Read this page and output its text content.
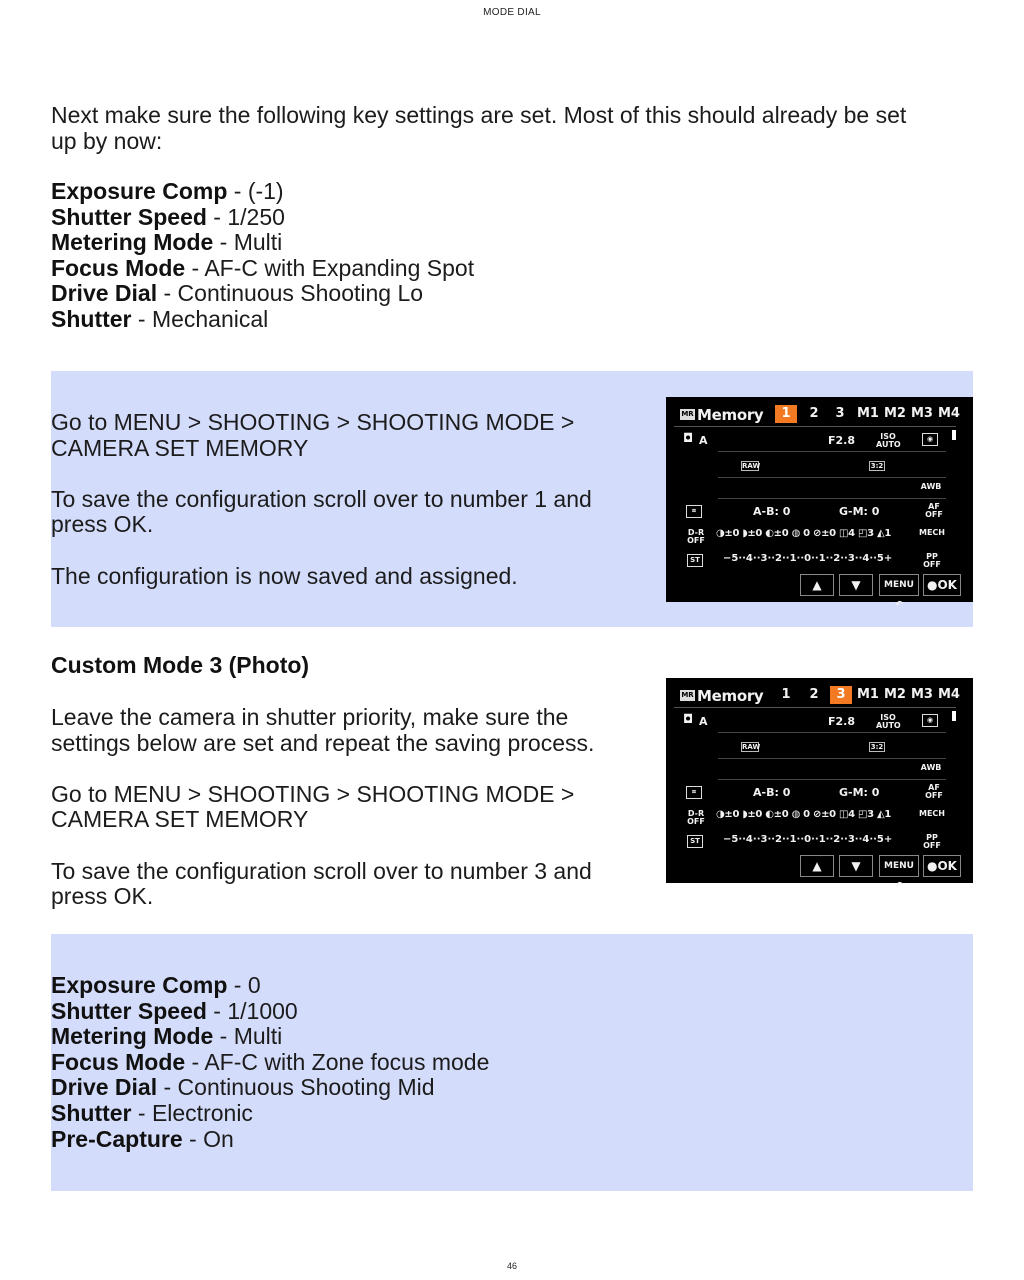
MODE DIAL
Next make sure the following key settings are set. Most of this should already be set
up by now:
Exposure Comp - (-1)
Shutter Speed - 1/250
Metering Mode - Multi
Focus Mode - AF-C with Expanding Spot
Drive Dial - Continuous Shooting Lo
Shutter - Mechanical
Go to MENU > SHOOTING > SHOOTING MODE >
CAMERA SET MEMORY
To save the configuration scroll over to number 1 and
press OK.
The configuration is now saved and assigned.
MR Memory	1	2	3 M1 M2 M3 M4
◘ A	F2.8	ISO
AUTO
◉
RAW	3:2
AWB
A-B: 0	G-M: 0
⌗	AF
OFF
D-R
OFF
◑±0 ◗±0 ◐±0 ◍ 0 ⊘±0 ◫4 ◰3 ◭1	MECH
ST	−5··4··3··2··1··0··1··2··3··4··5+	PP
OFF
▲	▼	MENU ↶
●OK
Custom Mode 3 (Photo)
Leave the camera in shutter priority, make sure the
settings below are set and repeat the saving process.
Go to MENU > SHOOTING > SHOOTING MODE >
CAMERA SET MEMORY
To save the configuration scroll over to number 3 and
press OK.
MR Memory	1	2	3 M1 M2 M3 M4
◘ A	F2.8	ISO
AUTO
◉
RAW	3:2
AWB
A-B: 0	G-M: 0
⌗	AF
OFF
D-R
OFF
◑±0 ◗±0 ◐±0 ◍ 0 ⊘±0 ◫4 ◰3 ◭1	MECH
ST	−5··4··3··2··1··0··1··2··3··4··5+	PP
OFF
▲	▼	MENU ↶
●OK
Exposure Comp - 0
Shutter Speed - 1/1000
Metering Mode - Multi
Focus Mode - AF-C with Zone focus mode
Drive Dial - Continuous Shooting Mid
Shutter - Electronic
Pre-Capture - On
46
